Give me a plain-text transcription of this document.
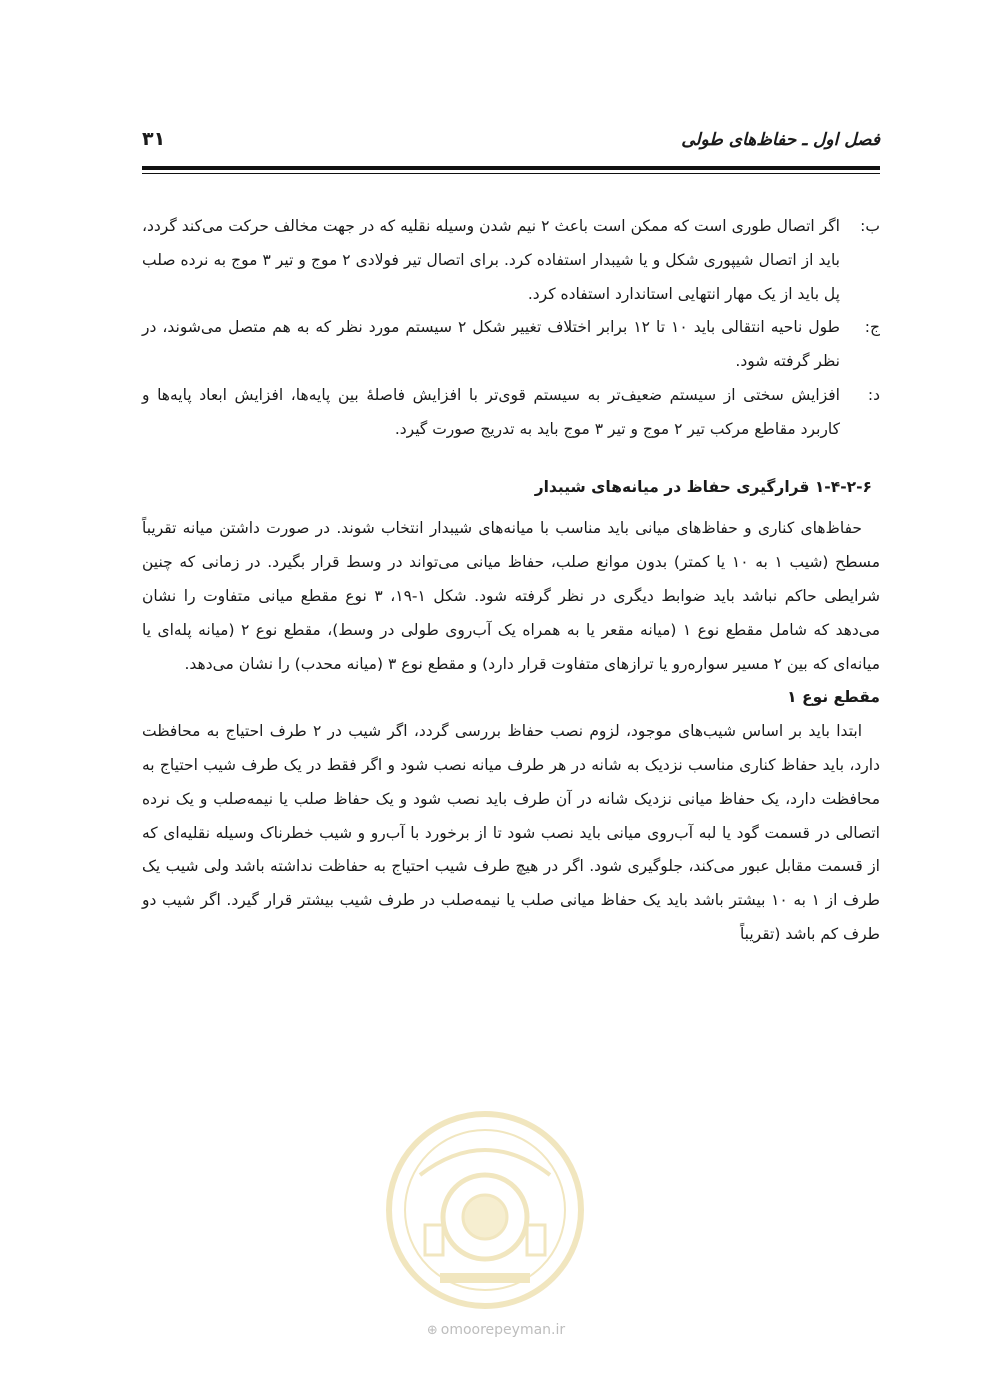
فصل اول ـ حفاظ‌های طولی
۳۱
ب:
اگر اتصال طوری است که ممکن است باعث ۲ نیم شدن وسیله نقلیه که در جهت مخالف حرکت می‌کند گردد، باید از اتصال شیپوری شکل و یا شیبدار استفاده کرد. برای اتصال تیر فولادی ۲ موج و تیر ۳ موج به نرده صلب پل باید از یک مهار انتهایی استاندارد استفاده کرد.
ج:
طول ناحیه انتقالی باید ۱۰ تا ۱۲ برابر اختلاف تغییر شکل ۲ سیستم مورد نظر که به هم متصل می‌شوند، در نظر گرفته شود.
د:
افزایش سختی از سیستم ضعیف‌تر به سیستم قوی‌تر با افزایش فاصلهٔ بین پایه‌ها، افزایش ابعاد پایه‌ها و کاربرد مقاطع مرکب تیر ۲ موج و تیر ۳ موج باید به تدریج صورت گیرد.
۱-۴-۲-۶ قرارگیری حفاظ در میانه‌های شیبدار
حفاظ‌های کناری و حفاظ‌های میانی باید مناسب با میانه‌های شیبدار انتخاب شوند. در صورت داشتن میانه تقریباً مسطح (شیب ۱ به ۱۰ یا کمتر) بدون موانع صلب، حفاظ میانی می‌تواند در وسط قرار بگیرد. در زمانی که چنین شرایطی حاکم نباشد باید ضوابط دیگری در نظر گرفته شود. شکل ۱-۱۹، ۳ نوع مقطع میانی متفاوت را نشان می‌دهد که شامل مقطع نوع ۱ (میانه مقعر یا به همراه یک آب‌روی طولی در وسط)، مقطع نوع ۲ (میانه پله‌ای یا میانه‌ای که بین ۲ مسیر سواره‌رو یا ترازهای متفاوت قرار دارد) و مقطع نوع ۳ (میانه محدب) را نشان می‌دهد.
مقطع نوع ۱
ابتدا باید بر اساس شیب‌های موجود، لزوم نصب حفاظ بررسی گردد، اگر شیب در ۲ طرف احتیاج به محافظت دارد، باید حفاظ کناری مناسب نزدیک به شانه در هر طرف میانه نصب شود و اگر فقط در یک طرف شیب احتیاج به محافظت دارد، یک حفاظ میانی نزدیک شانه در آن طرف باید نصب شود و یک حفاظ صلب یا نیمه‌صلب و یک نرده اتصالی در قسمت گود یا لبه آب‌روی میانی باید نصب شود تا از برخورد با آب‌رو و شیب خطرناک وسیله نقلیه‌ای که از قسمت مقابل عبور می‌کند، جلوگیری شود. اگر در هیچ طرف شیب احتیاج به حفاظت نداشته باشد ولی شیب یک طرف از ۱ به ۱۰ بیشتر باشد باید یک حفاظ میانی صلب یا نیمه‌صلب در طرف شیب بیشتر قرار گیرد. اگر شیب دو طرف کم باشد (تقریباً
⊕ omoorepeyman.ir
